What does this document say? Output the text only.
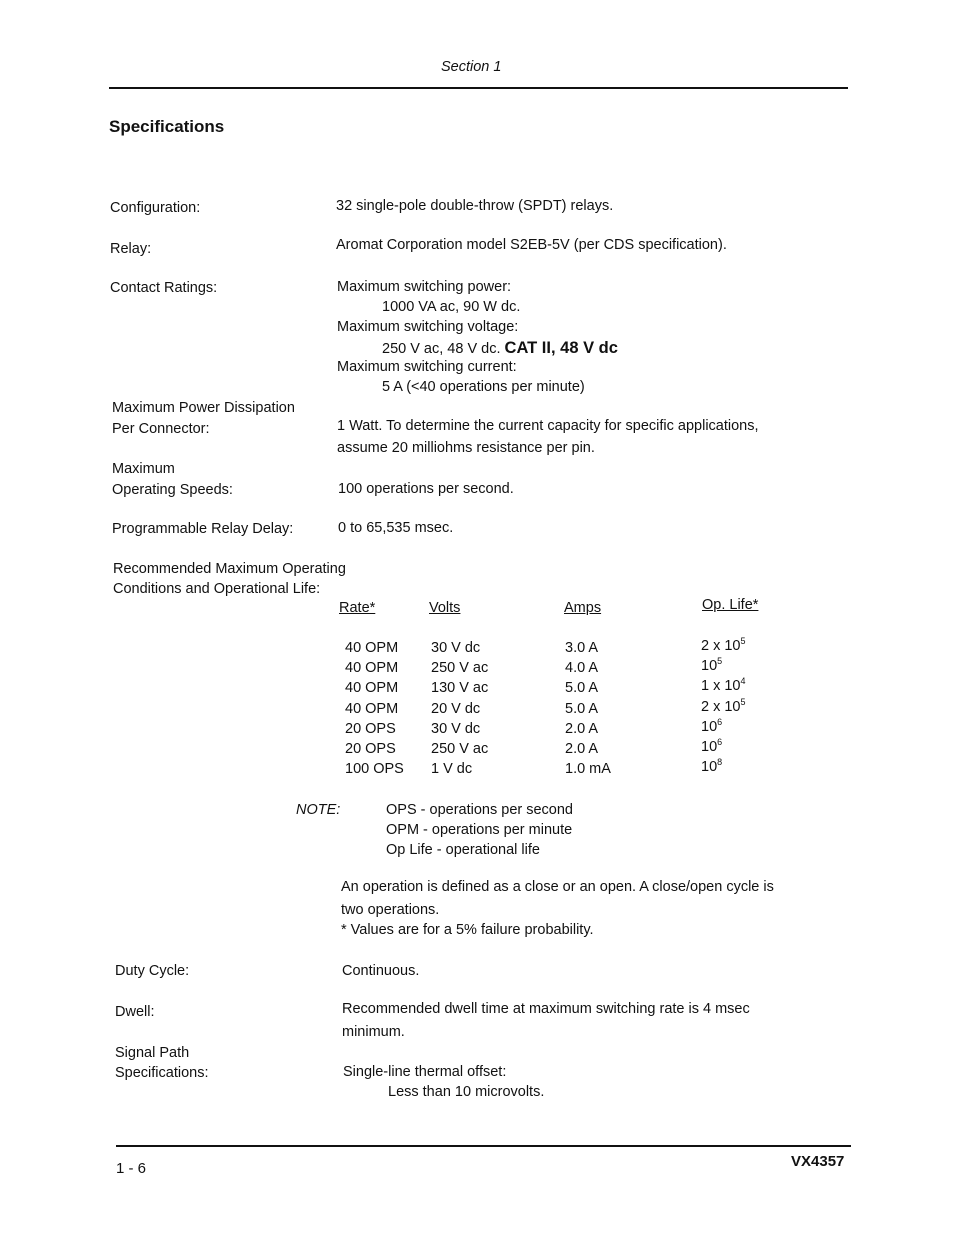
Section 1
Specifications
Configuration:	32 single-pole double-throw (SPDT) relays.
Relay:	Aromat Corporation model S2EB-5V (per CDS specification).
Contact Ratings:	Maximum switching power:
1000 VA ac, 90 W dc.
Maximum switching voltage:
250 V ac, 48 V dc. CAT II, 48 V dc
Maximum switching current:
5 A (<40 operations per minute)
Maximum Power Dissipation
Per Connector:	1 Watt. To determine the current capacity for specific applications,
assume 20 milliohms resistance per pin.
Maximum
Operating Speeds:	100 operations per second.
Programmable Relay Delay:	0 to 65,535 msec.
Recommended Maximum Operating
Conditions and Operational Life:
Rate*	Volts	Amps	Op. Life*
40 OPM 30 V dc	3.0 A	2 x $10^5$
40 OPM 250 V ac	4.0 A	$10^5$
40 OPM 130 V ac	5.0 A	1 x $10^4$
40 OPM 20 V dc	5.0 A	2 x $10^5$
20 OPS 30 V dc	2.0 A	$10^6$
20 OPS 250 V ac	2.0 A	$10^6$
100 OPS 1 V dc	1.0 mA	$10^8$
NOTE:	OPS - operations per second
OPM - operations per minute
Op Life - operational life
An operation is defined as a close or an open. A close/open cycle is
two operations.
* Values are for a 5% failure probability.
Duty Cycle:	Continuous.
Dwell:	Recommended dwell time at maximum switching rate is 4 msec
minimum.
Signal Path
Specifications:	Single-line thermal offset:
Less than 10 microvolts.
1 - 6	VX4357
